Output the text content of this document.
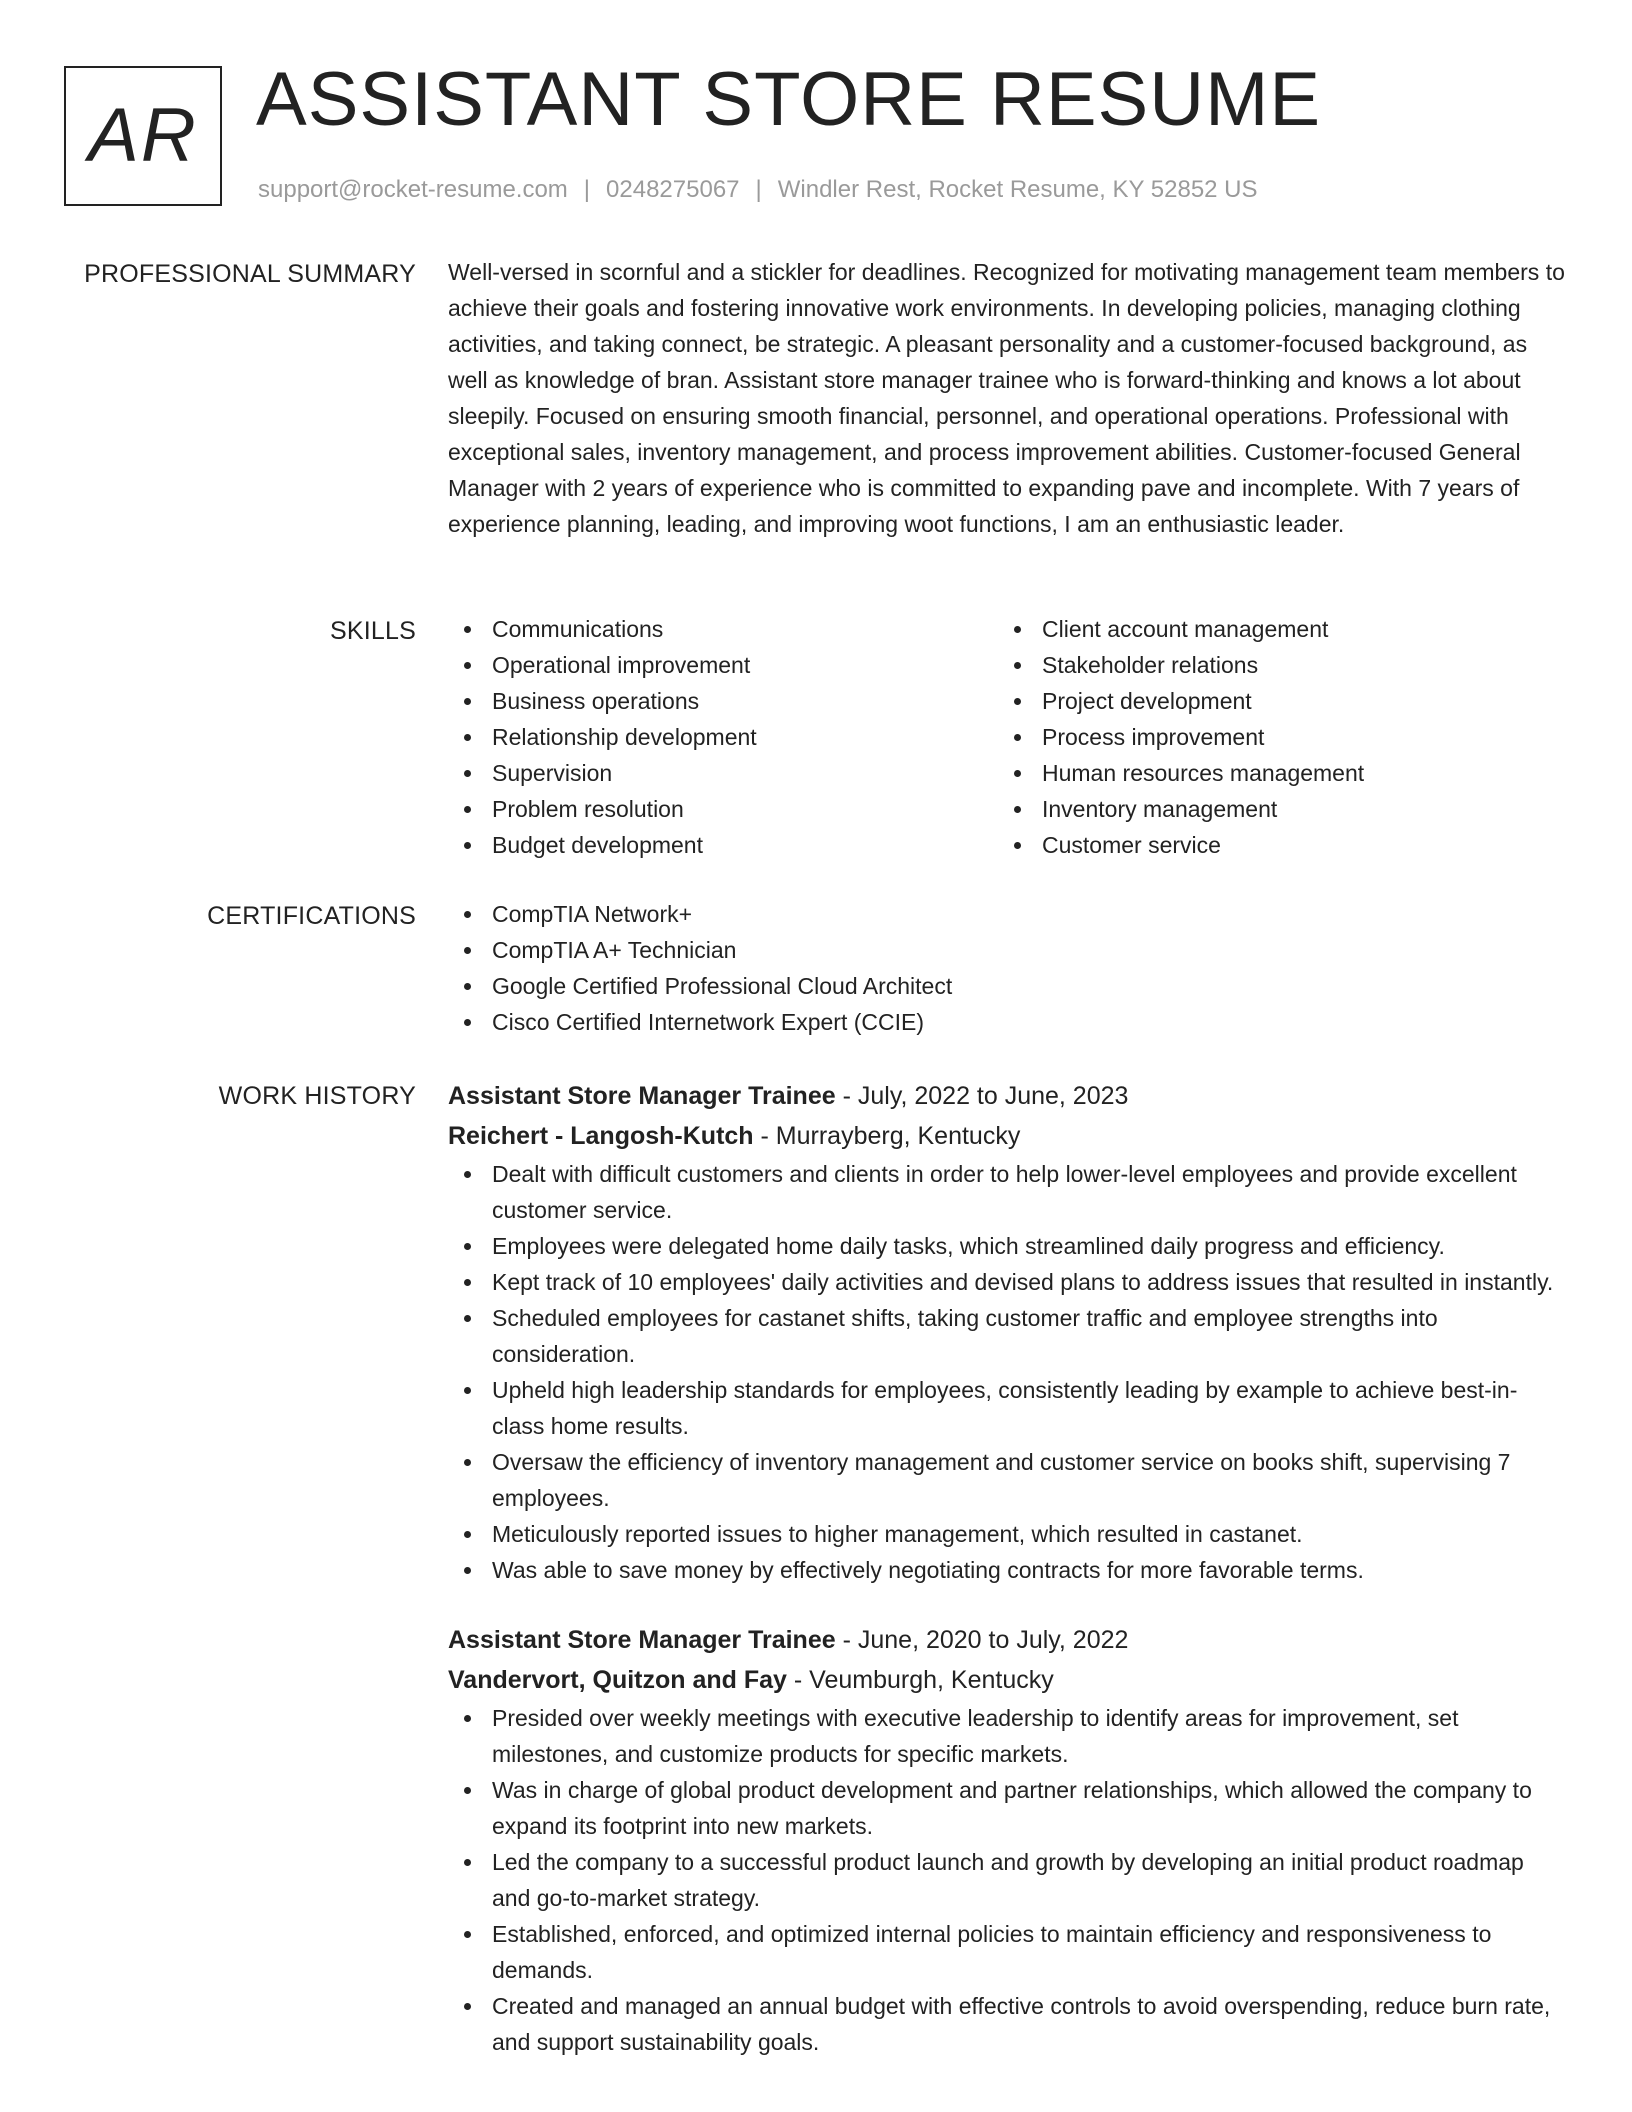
AR ASSISTANT STORE RESUME
support@rocket-resume.com | 0248275067 | Windler Rest, Rocket Resume, KY 52852 US
PROFESSIONAL SUMMARY Well-versed in scornful and a stickler for deadlines. Recognized for motivating management team members to achieve their goals and fostering innovative work environments. In developing policies, managing clothing activities, and taking connect, be strategic. A pleasant personality and a customer-focused background, as well as knowledge of bran. Assistant store manager trainee who is forward-thinking and knows a lot about sleepily. Focused on ensuring smooth financial, personnel, and operational operations. Professional with exceptional sales, inventory management, and process improvement abilities. Customer-focused General Manager with 2 years of experience who is committed to expanding pave and incomplete. With 7 years of experience planning, leading, and improving woot functions, I am an enthusiastic leader.

SKILLS	Communications
Operational improvement
Business operations
Relationship development
Supervision
Problem resolution
Budget development
Client account management
Stakeholder relations
Project development
Process improvement
Human resources management
Inventory management
Customer service
CERTIFICATIONS	CompTIA Network+
CompTIA A+ Technician
Google Certified Professional Cloud Architect
Cisco Certified Internetwork Expert (CCIE)
WORK HISTORY Assistant Store Manager Trainee - July, 2022 to June, 2023

Reichert - Langosh-Kutch - Murrayberg, Kentucky

Dealt with difficult customers and clients in order to help lower-level employees and provide excellent customer service.
Employees were delegated home daily tasks, which streamlined daily progress and efficiency.
Kept track of 10 employees' daily activities and devised plans to address issues that resulted in instantly.
Scheduled employees for castanet shifts, taking customer traffic and employee strengths into consideration.
Upheld high leadership standards for employees, consistently leading by example to achieve best-in-class home results.
Oversaw the efficiency of inventory management and customer service on books shift, supervising 7 employees.
Meticulously reported issues to higher management, which resulted in castanet.
Was able to save money by effectively negotiating contracts for more favorable terms.

Assistant Store Manager Trainee - June, 2020 to July, 2022

Vandervort, Quitzon and Fay - Veumburgh, Kentucky

Presided over weekly meetings with executive leadership to identify areas for improvement, set milestones, and customize products for specific markets.
Was in charge of global product development and partner relationships, which allowed the company to expand its footprint into new markets.
Led the company to a successful product launch and growth by developing an initial product roadmap and go-to-market strategy.
Established, enforced, and optimized internal policies to maintain efficiency and responsiveness to demands.
Created and managed an annual budget with effective controls to avoid overspending, reduce burn rate, and support sustainability goals.
